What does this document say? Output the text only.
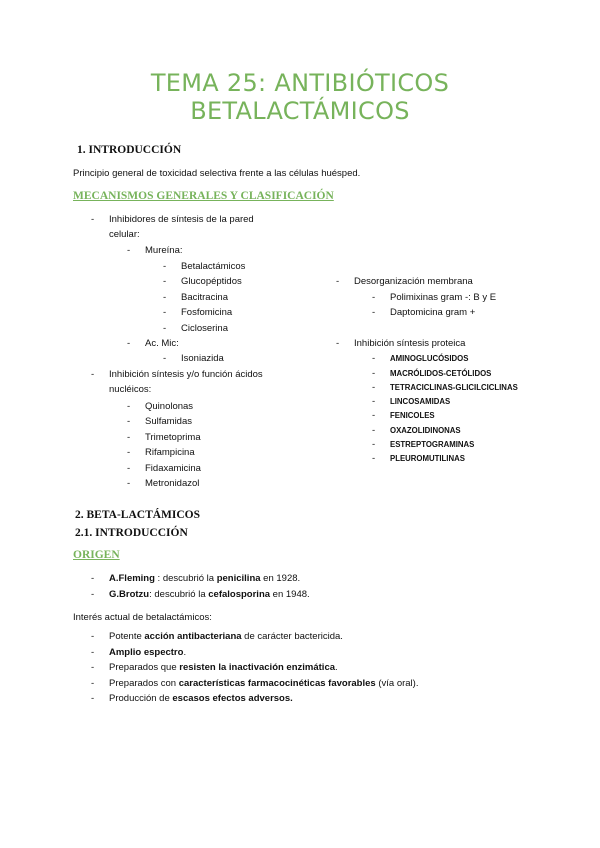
TEMA 25: ANTIBIÓTICOS
BETALACTÁMICOS
1. INTRODUCCIÓN
Principio general de toxicidad selectiva frente a las células huésped.
MECANISMOS GENERALES Y CLASIFICACIÓN
- Inhibidores de síntesis de la pared
celular:
- Mureína:
- Betalactámicos
- Glucopéptidos
- Bacitracina
- Fosfomicina
- Cicloserina
- Ac. Mic:
- Isoniazida
- Inhibición síntesis y/o función ácidos
nucléicos:
- Quinolonas
- Sulfamidas
- Trimetoprima
- Rifampicina
- Fidaxamicina
- Metronidazol
- Desorganización membrana
- Polimixinas gram -: B y E
- Daptomicina gram +
- Inhibición síntesis proteica
- AMINOGLUCÓSIDOS
- MACRÓLIDOS-CETÓLIDOS
- TETRACICLINAS-GLICILCICLINAS
- LINCOSAMIDAS
- FENICOLES
- OXAZOLIDINONAS
- ESTREPTOGRAMINAS
- PLEUROMUTILINAS
2. BETA-LACTÁMICOS
2.1. INTRODUCCIÓN
ORIGEN
- A.Fleming : descubrió la penicilina en 1928.
- G.Brotzu: descubrió la cefalosporina en 1948.
Interés actual de betalactámicos:
- Potente acción antibacteriana de carácter bactericida.
- Amplio espectro.
- Preparados que resisten la inactivación enzimática.
- Preparados con características farmacocinéticas favorables (vía oral).
- Producción de escasos efectos adversos.
